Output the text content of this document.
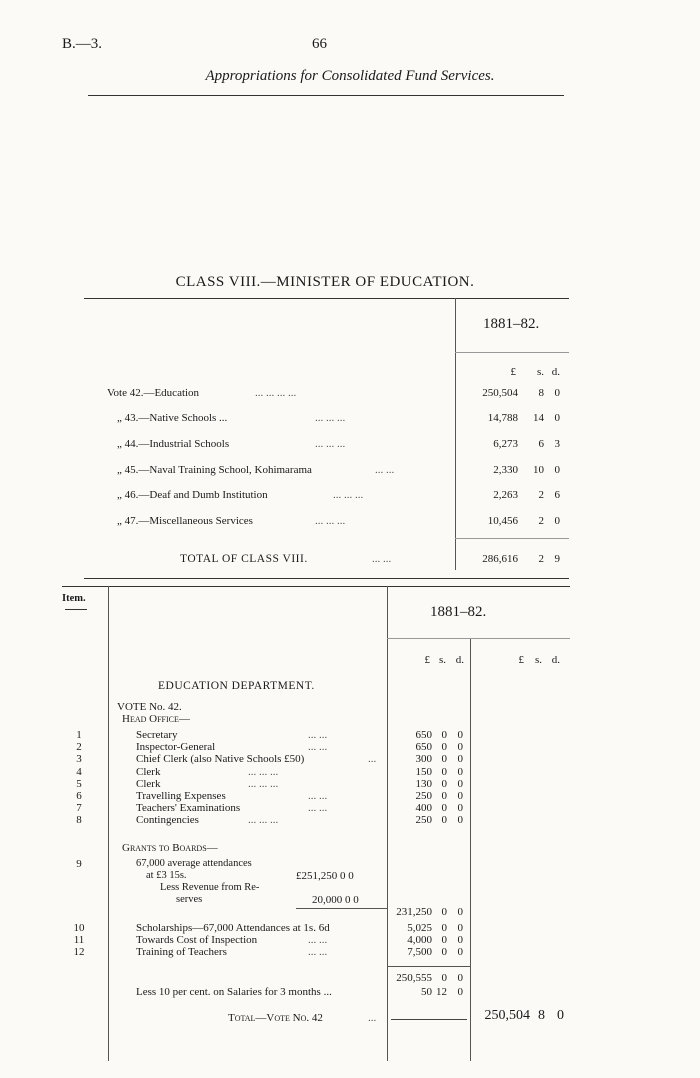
B.—3.	66
Appropriations for Consolidated Fund Services.
CLASS VIII.—MINISTER OF EDUCATION.
1881–82.
£	s. d.
Vote 42.—Education	... ... ... ...	250,504	8 0
„ 43.—Native Schools ...	... ... ...	14,788	14 0
„ 44.—Industrial Schools	... ... ...	6,273	6 3
„ 45.—Naval Training School, Kohimarama	... ...	2,330	10 0
„ 46.—Deaf and Dumb Institution	... ... ...	2,263	2 6
„ 47.—Miscellaneous Services	... ... ...	10,456	2 0
TOTAL OF CLASS VIII.	... ...	286,616	2 9
Item.
1881–82.
£ s. d.	£ s. d.
EDUCATION DEPARTMENT.
VOTE No. 42.
Head Office—
1	Secretary	... ...	650 0 0
2	Inspector-General	... ...	650 0 0
3	Chief Clerk (also Native Schools £50)	...	300 0 0
4	Clerk	... ... ...	150 0 0
5	Clerk	... ... ...	130 0 0
6	Travelling Expenses	... ...	250 0 0
7	Teachers' Examinations	... ...	400 0 0
8	Contingencies	... ... ...	250 0 0
Grants to Boards—
9	67,000 average attendances
at £3 15s.	£251,250 0 0
Less Revenue from Re-
serves	20,000 0 0
231,250 0 0
10	Scholarships—67,000 Attendances at 1s. 6d	5,025 0 0
11	Towards Cost of Inspection	... ...	4,000 0 0
12	Training of Teachers	... ...	7,500 0 0
250,555 0 0
Less 10 per cent. on Salaries for 3 months ...	50 12 0
Total—Vote No. 42	...	250,504 8 0
